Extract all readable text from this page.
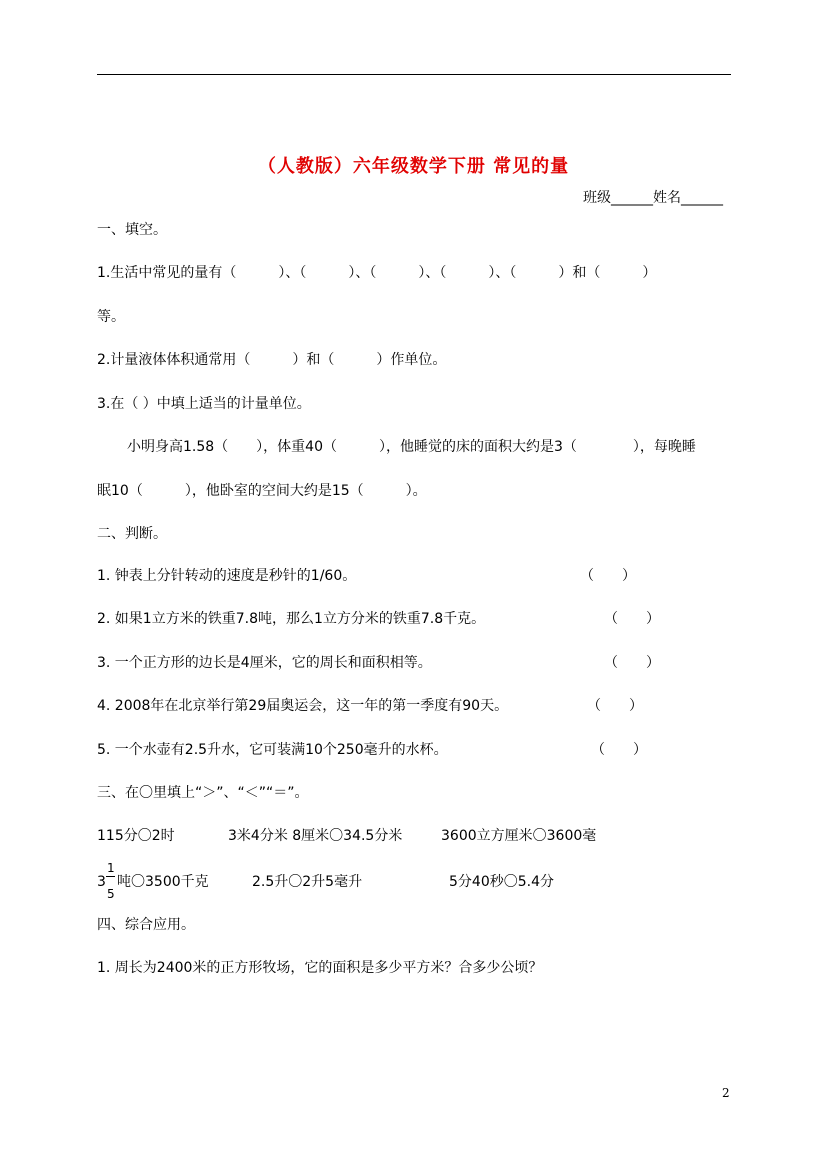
（人教版）六年级数学下册 常见的量
班级______姓名______
一、填空。
1.生活中常见的量有（　　　）、（　　　）、（　　　）、（　　　）、（　　　）和（　　　）
等。
2.计量液体体积通常用（　　　）和（　　　）作单位。
3.在（ ）中填上适当的计量单位。
小明身高1.58（　　），体重40（　　　），他睡觉的床的面积大约是3（　　　　），每晚睡
眠10（　　　），他卧室的空间大约是15（　　　）。
二、判断。
1. 钟表上分针转动的速度是秒针的1/60。	（　　）
2. 如果1立方米的铁重7.8吨，那么1立方分米的铁重7.8千克。	（　　）
3. 一个正方形的边长是4厘米，它的周长和面积相等。	（　　）
4. 2008年在北京举行第29届奥运会，这一年的第一季度有90天。	（　　）
5. 一个水壶有2.5升水，它可装满10个250毫升的水杯。	（　　）
三、在〇里填上“＞”、“＜”“＝”。
115分〇2时	3米4分米 8厘米〇34.5分米	3600立方厘米〇3600毫
3
1
5
吨〇3500千克	2.5升〇2升5毫升	5分40秒〇5.4分
四、综合应用。
1. 周长为2400米的正方形牧场，它的面积是多少平方米？合多少公顷？
2
